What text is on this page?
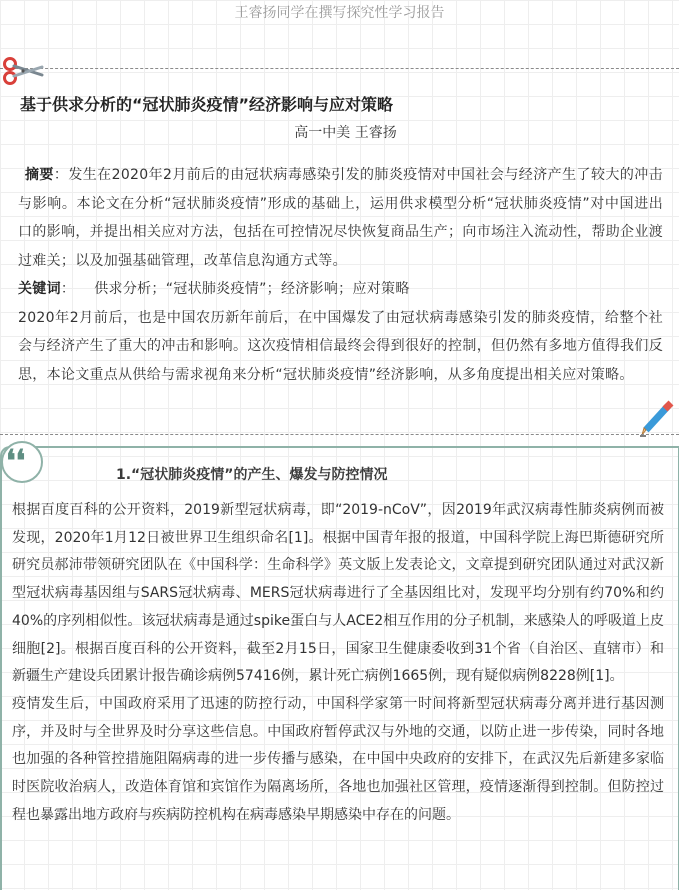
王睿扬同学在撰写探究性学习报告
基于供求分析的“冠状肺炎疫情”经济影响与应对策略
高一中美 王睿扬

摘要：发生在2020年2月前后的由冠状病毒感染引发的肺炎疫情对中国社会与经济产生了较大的冲击与影响。本论文在分析“冠状肺炎疫情”形成的基础上，运用供求模型分析“冠状肺炎疫情”对中国进出口的影响，并提出相关应对方法，包括在可控情况尽快恢复商品生产；向市场注入流动性，帮助企业渡过难关；以及加强基础管理，改革信息沟通方式等。

关键词： 供求分析；“冠状肺炎疫情”；经济影响；应对策略

2020年2月前后，也是中国农历新年前后，在中国爆发了由冠状病毒感染引发的肺炎疫情，给整个社会与经济产生了重大的冲击和影响。这次疫情相信最终会得到很好的控制，但仍然有多地方值得我们反思，本论文重点从供给与需求视角来分析“冠状肺炎疫情”经济影响，从多角度提出相关应对策略。

❛❛	1.“冠状肺炎疫情”的产生、爆发与防控情况

根据百度百科的公开资料，2019新型冠状病毒，即“2019-nCoV”，因2019年武汉病毒性肺炎病例而被发现，2020年1月12日被世界卫生组织命名[1]。根据中国青年报的报道，中国科学院上海巴斯德研究所研究员郝沛带领研究团队在《中国科学：生命科学》英文版上发表论文，文章提到研究团队通过对武汉新型冠状病毒基因组与SARS冠状病毒、MERS冠状病毒进行了全基因组比对，发现平均分别有约70%和约40%的序列相似性。该冠状病毒是通过spike蛋白与人ACE2相互作用的分子机制，来感染人的呼吸道上皮细胞[2]。根据百度百科的公开资料，截至2月15日，国家卫生健康委收到31个省（自治区、直辖市）和新疆生产建设兵团累计报告确诊病例57416例，累计死亡病例1665例，现有疑似病例8228例[1]。

疫情发生后，中国政府采用了迅速的防控行动，中国科学家第一时间将新型冠状病毒分离并进行基因测序，并及时与全世界及时分享这些信息。中国政府暂停武汉与外地的交通，以防止进一步传染，同时各地也加强的各种管控措施阻隔病毒的进一步传播与感染，在中国中央政府的安排下，在武汉先后新建多家临时医院收治病人，改造体育馆和宾馆作为隔离场所，各地也加强社区管理，疫情逐渐得到控制。但防控过程也暴露出地方政府与疾病防控机构在病毒感染早期感染中存在的问题。
